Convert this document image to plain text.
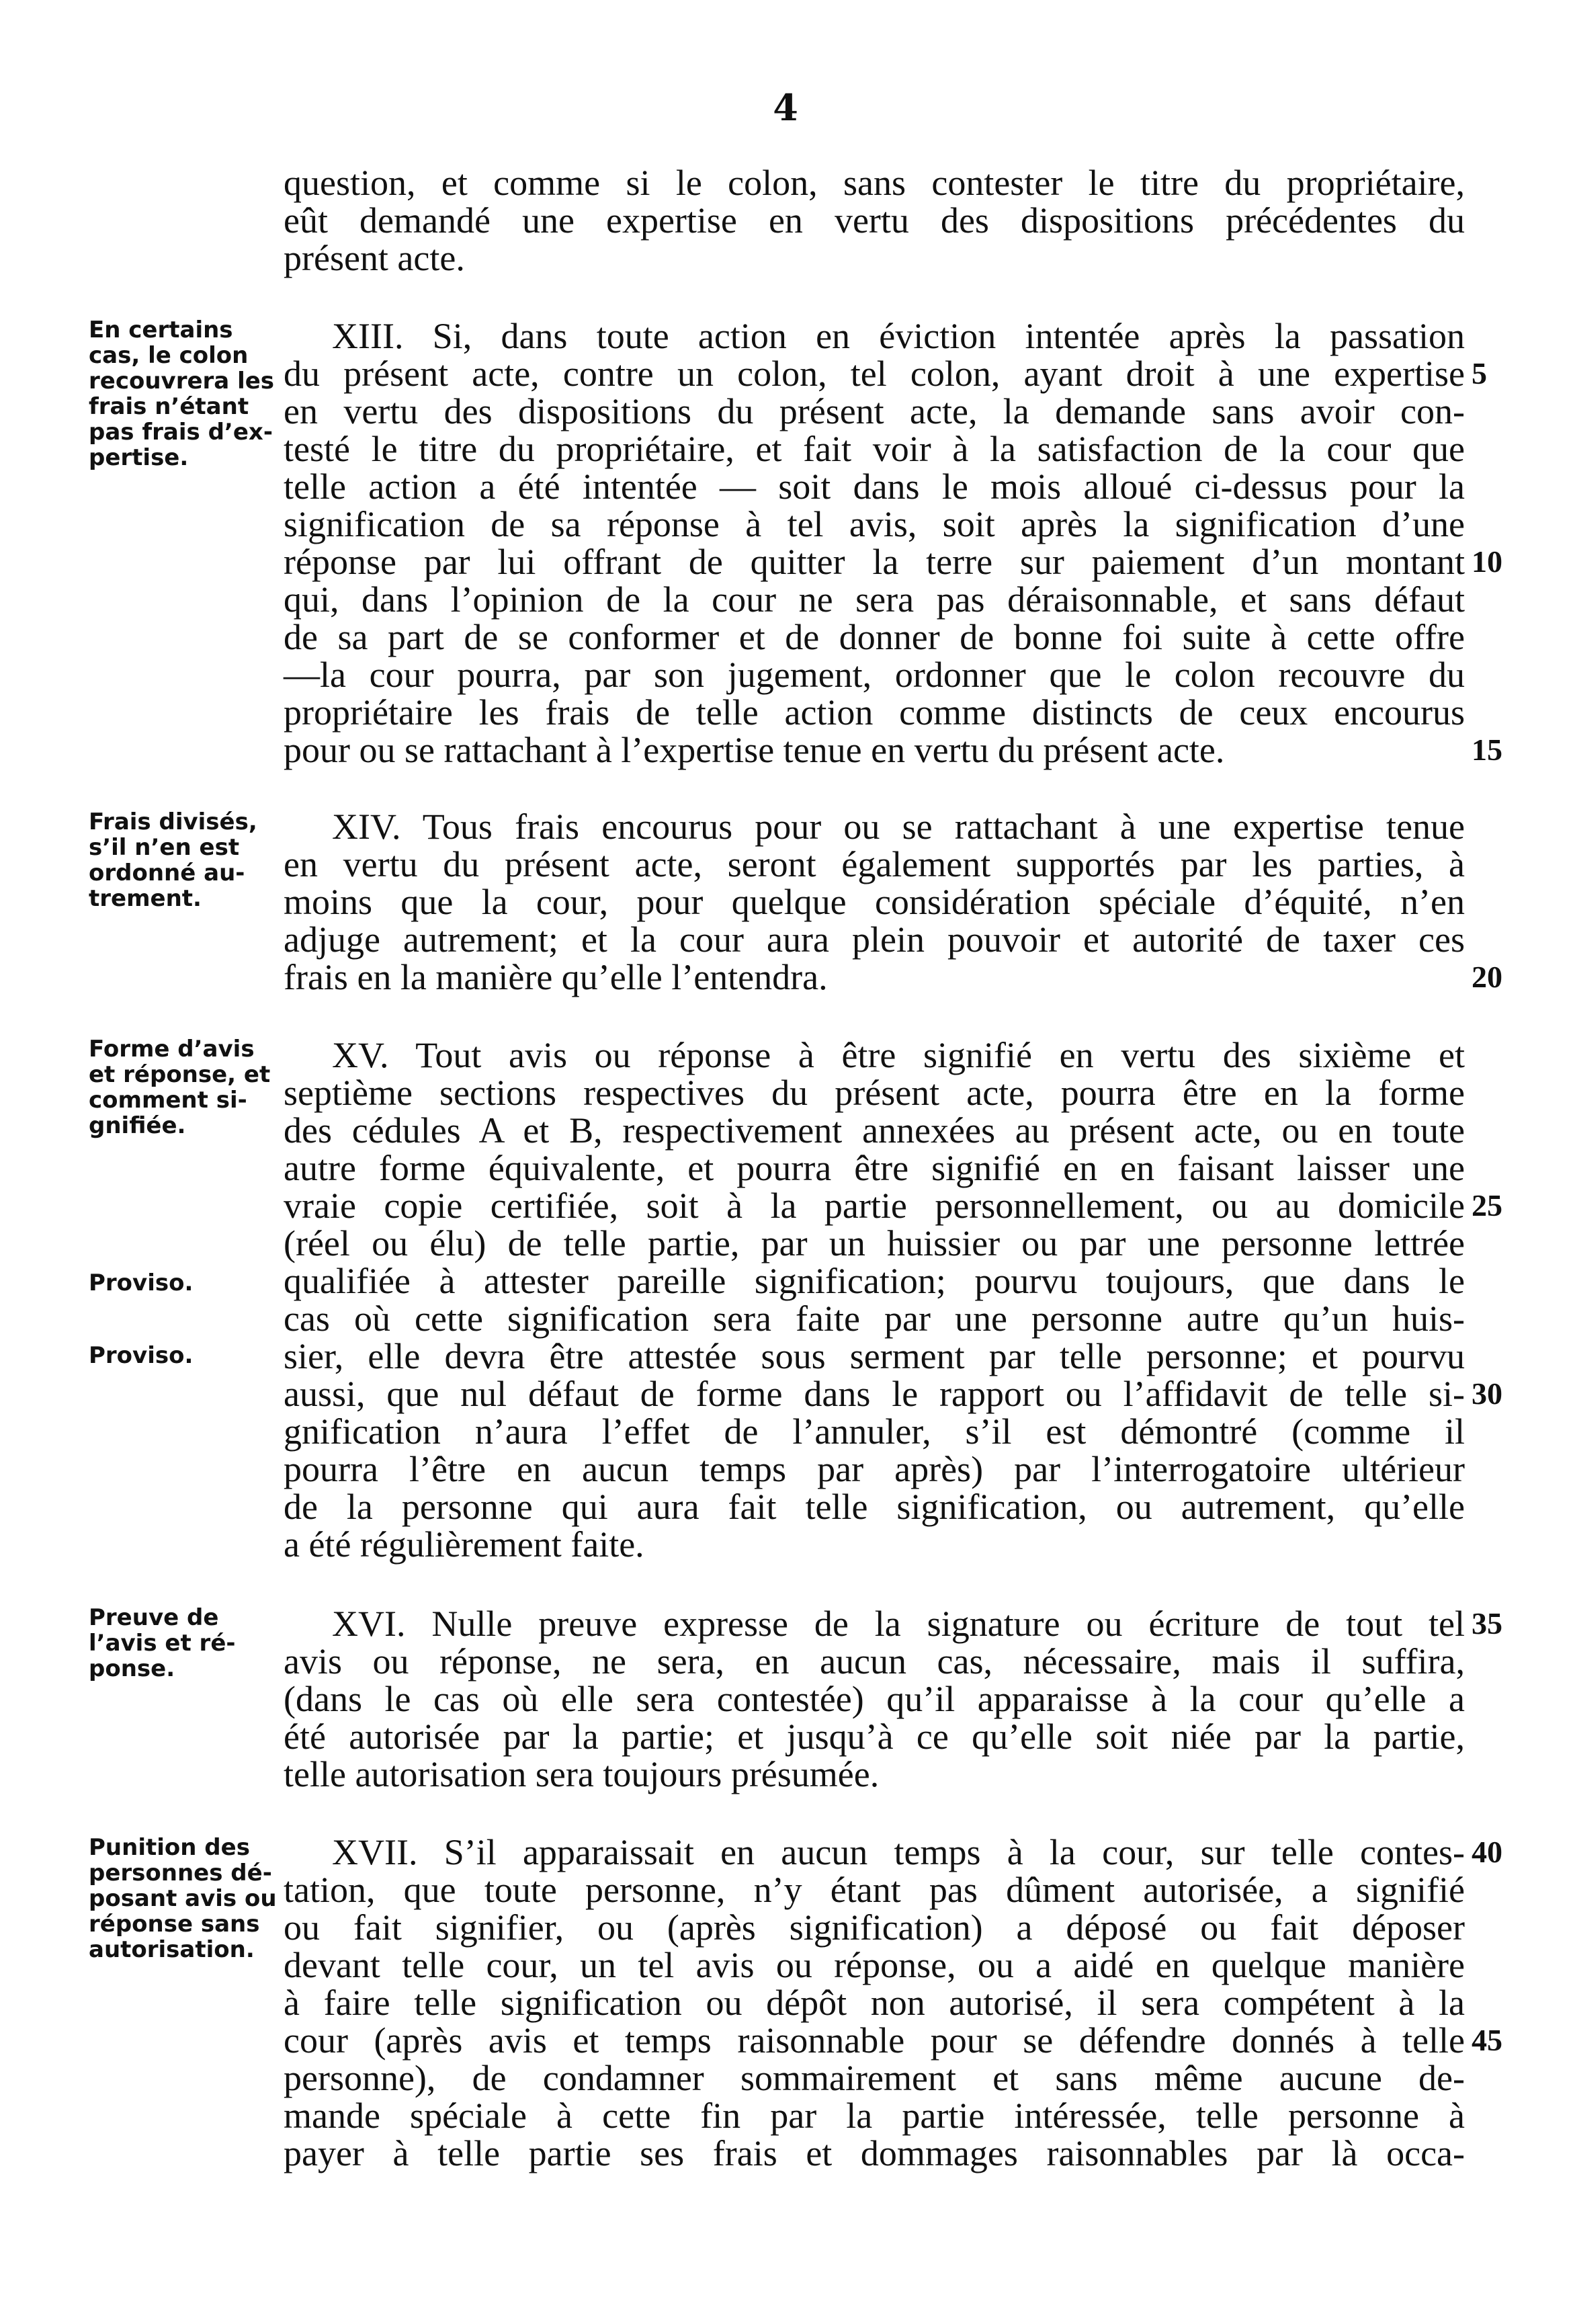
4
question, et comme si le colon, sans contester le titre du propriétaire,
eût demandé une expertise en vertu des dispositions précédentes du
présent acte.
XIII. Si, dans toute action en éviction intentée après la passation
du présent acte, contre un colon, tel colon, ayant droit à une expertise
en vertu des dispositions du présent acte, la demande sans avoir con-
testé le titre du propriétaire, et fait voir à la satisfaction de la cour que
telle action a été intentée — soit dans le mois alloué ci-dessus pour la
signification de sa réponse à tel avis, soit après la signification d’une
réponse par lui offrant de quitter la terre sur paiement d’un montant
qui, dans l’opinion de la cour ne sera pas déraisonnable, et sans défaut
de sa part de se conformer et de donner de bonne foi suite à cette offre
—la cour pourra, par son jugement, ordonner que le colon recouvre du
propriétaire les frais de telle action comme distincts de ceux encourus
pour ou se rattachant à l’expertise tenue en vertu du présent acte.
XIV. Tous frais encourus pour ou se rattachant à une expertise tenue
en vertu du présent acte, seront également supportés par les parties, à
moins que la cour, pour quelque considération spéciale d’équité, n’en
adjuge autrement; et la cour aura plein pouvoir et autorité de taxer ces
frais en la manière qu’elle l’entendra.
XV. Tout avis ou réponse à être signifié en vertu des sixième et
septième sections respectives du présent acte, pourra être en la forme
des cédules A et B, respectivement annexées au présent acte, ou en toute
autre forme équivalente, et pourra être signifié en en faisant laisser une
vraie copie certifiée, soit à la partie personnellement, ou au domicile
(réel ou élu) de telle partie, par un huissier ou par une personne lettrée
qualifiée à attester pareille signification; pourvu toujours, que dans le
cas où cette signification sera faite par une personne autre qu’un huis-
sier, elle devra être attestée sous serment par telle personne; et pourvu
aussi, que nul défaut de forme dans le rapport ou l’affidavit de telle si-
gnification n’aura l’effet de l’annuler, s’il est démontré (comme il
pourra l’être en aucun temps par après) par l’interrogatoire ultérieur
de la personne qui aura fait telle signification, ou autrement, qu’elle
a été régulièrement faite.
XVI. Nulle preuve expresse de la signature ou écriture de tout tel
avis ou réponse, ne sera, en aucun cas, nécessaire, mais il suffira,
(dans le cas où elle sera contestée) qu’il apparaisse à la cour qu’elle a
été autorisée par la partie; et jusqu’à ce qu’elle soit niée par la partie,
telle autorisation sera toujours présumée.
XVII. S’il apparaissait en aucun temps à la cour, sur telle contes-
tation, que toute personne, n’y étant pas dûment autorisée, a signifié
ou fait signifier, ou (après signification) a déposé ou fait déposer
devant telle cour, un tel avis ou réponse, ou a aidé en quelque manière
à faire telle signification ou dépôt non autorisé, il sera compétent à la
cour (après avis et temps raisonnable pour se défendre donnés à telle
personne), de condamner sommairement et sans même aucune de-
mande spéciale à cette fin par la partie intéressée, telle personne à
payer à telle partie ses frais et dommages raisonnables par là occa-
5
10
15
20
25
30
35
40
45
En certains
cas, le colon
recouvrera les
frais n’étant
pas frais d’ex-
pertise.
Frais divisés,
s’il n’en est
ordonné au-
trement.
Forme d’avis
et réponse, et
comment si-
gnifiée.
Proviso.
Proviso.
Preuve de
l’avis et ré-
ponse.
Punition des
personnes dé-
posant avis ou
réponse sans
autorisation.
